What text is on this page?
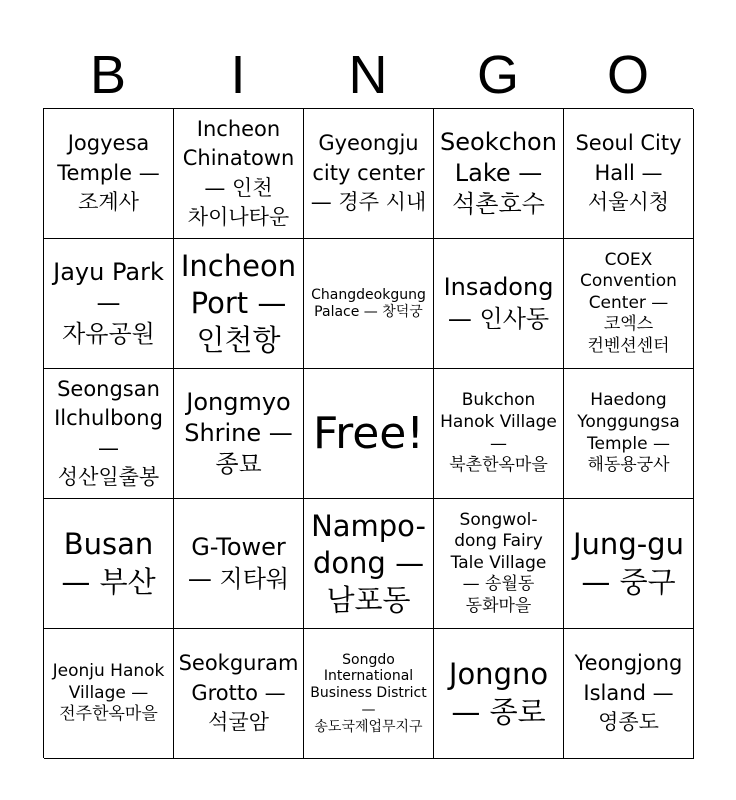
B	I	N	G	O
Jogyesa Temple — 조계사
Incheon Chinatown — 인천 차이나타운
Gyeongju city center — 경주 시내
Seokchon Lake — 석촌호수
Seoul City Hall — 서울시청
Jayu Park — 자유공원
Incheon Port — 인천항
Changdeokgung Palace — 창덕궁
Insadong — 인사동
COEX Convention Center — 코엑스 컨벤션센터
Seongsan Ilchulbong — 성산일출봉
Jongmyo Shrine — 종묘
Free!
Bukchon Hanok Village — 북촌한옥마을
Haedong Yonggungsa Temple — 해동용궁사
Busan — 부산
G-Tower — 지타워
Nampo-dong — 남포동
Songwol-dong Fairy Tale Village — 송월동 동화마을
Jung-gu — 중구
Jeonju Hanok Village — 전주한옥마을
Seokguram Grotto — 석굴암
Songdo International Business District — 송도국제업무지구
Jongno — 종로
Yeongjong Island — 영종도
